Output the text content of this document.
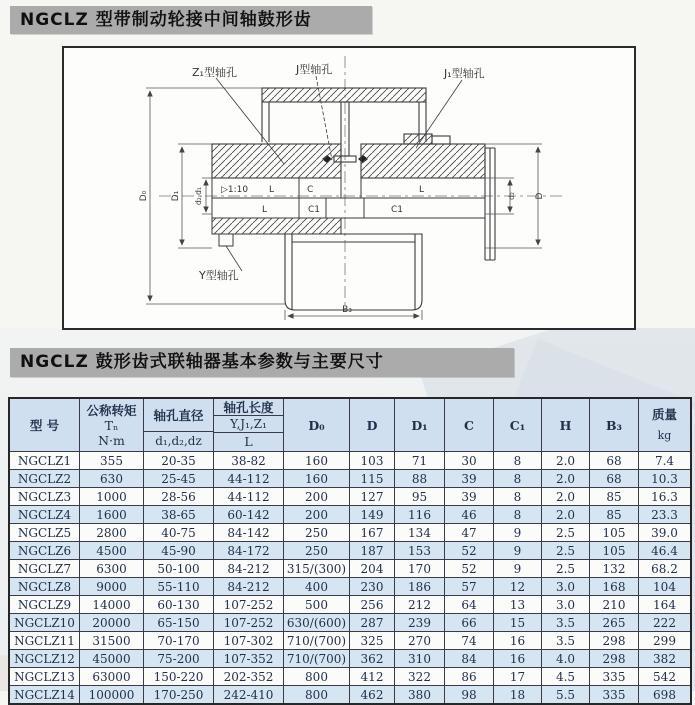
NGCLZ 型带制动轮接中间轴鼓形齿
▷1:10 L	C	L
L	C1	C1
B₃
D₀ D₁ d₂,d₁	d₂ D
Z₁型轴孔	J型轴孔	J₁型轴孔
Y型轴孔
NGCLZ 鼓形齿式联轴器基本参数与主要尺寸
型 号
公称转矩
Tₙ
N·m
轴孔直径
d₁,d₂,dz
轴孔长度
Y,J₁,Z₁
L
D₀	D	D₁	C	C₁	H	B₃
质量
kg
NGCLZ1	355	20-35	38-82	160	103	71	30	8	2.0	68	7.4
NGCLZ2	630	25-45	44-112	160	115	88	39	8	2.0	68	10.3
NGCLZ3	1000	28-56	44-112	200	127	95	39	8	2.0	85	16.3
NGCLZ4	1600	38-65	60-142	200	149	116	46	8	2.0	85	23.3
NGCLZ5	2800	40-75	84-142	250	167	134	47	9	2.5	105	39.0
NGCLZ6	4500	45-90	84-172	250	187	153	52	9	2.5	105	46.4
NGCLZ7	6300	50-100	84-212	315/(300)	204	170	52	9	2.5	132	68.2
NGCLZ8	9000	55-110	84-212	400	230	186	57	12	3.0	168	104
NGCLZ9	14000	60-130	107-252	500	256	212	64	13	3.0	210	164
NGCLZ10	20000	65-150	107-252	630/(600)	287	239	66	15	3.5	265	222
NGCLZ11	31500	70-170	107-302	710/(700)	325	270	74	16	3.5	298	299
NGCLZ12	45000	75-200	107-352	710/(700)	362	310	84	16	4.0	298	382
NGCLZ13	63000	150-220	202-352	800	412	322	86	17	4.5	335	542
NGCLZ14	100000	170-250	242-410	800	462	380	98	18	5.5	335	698
